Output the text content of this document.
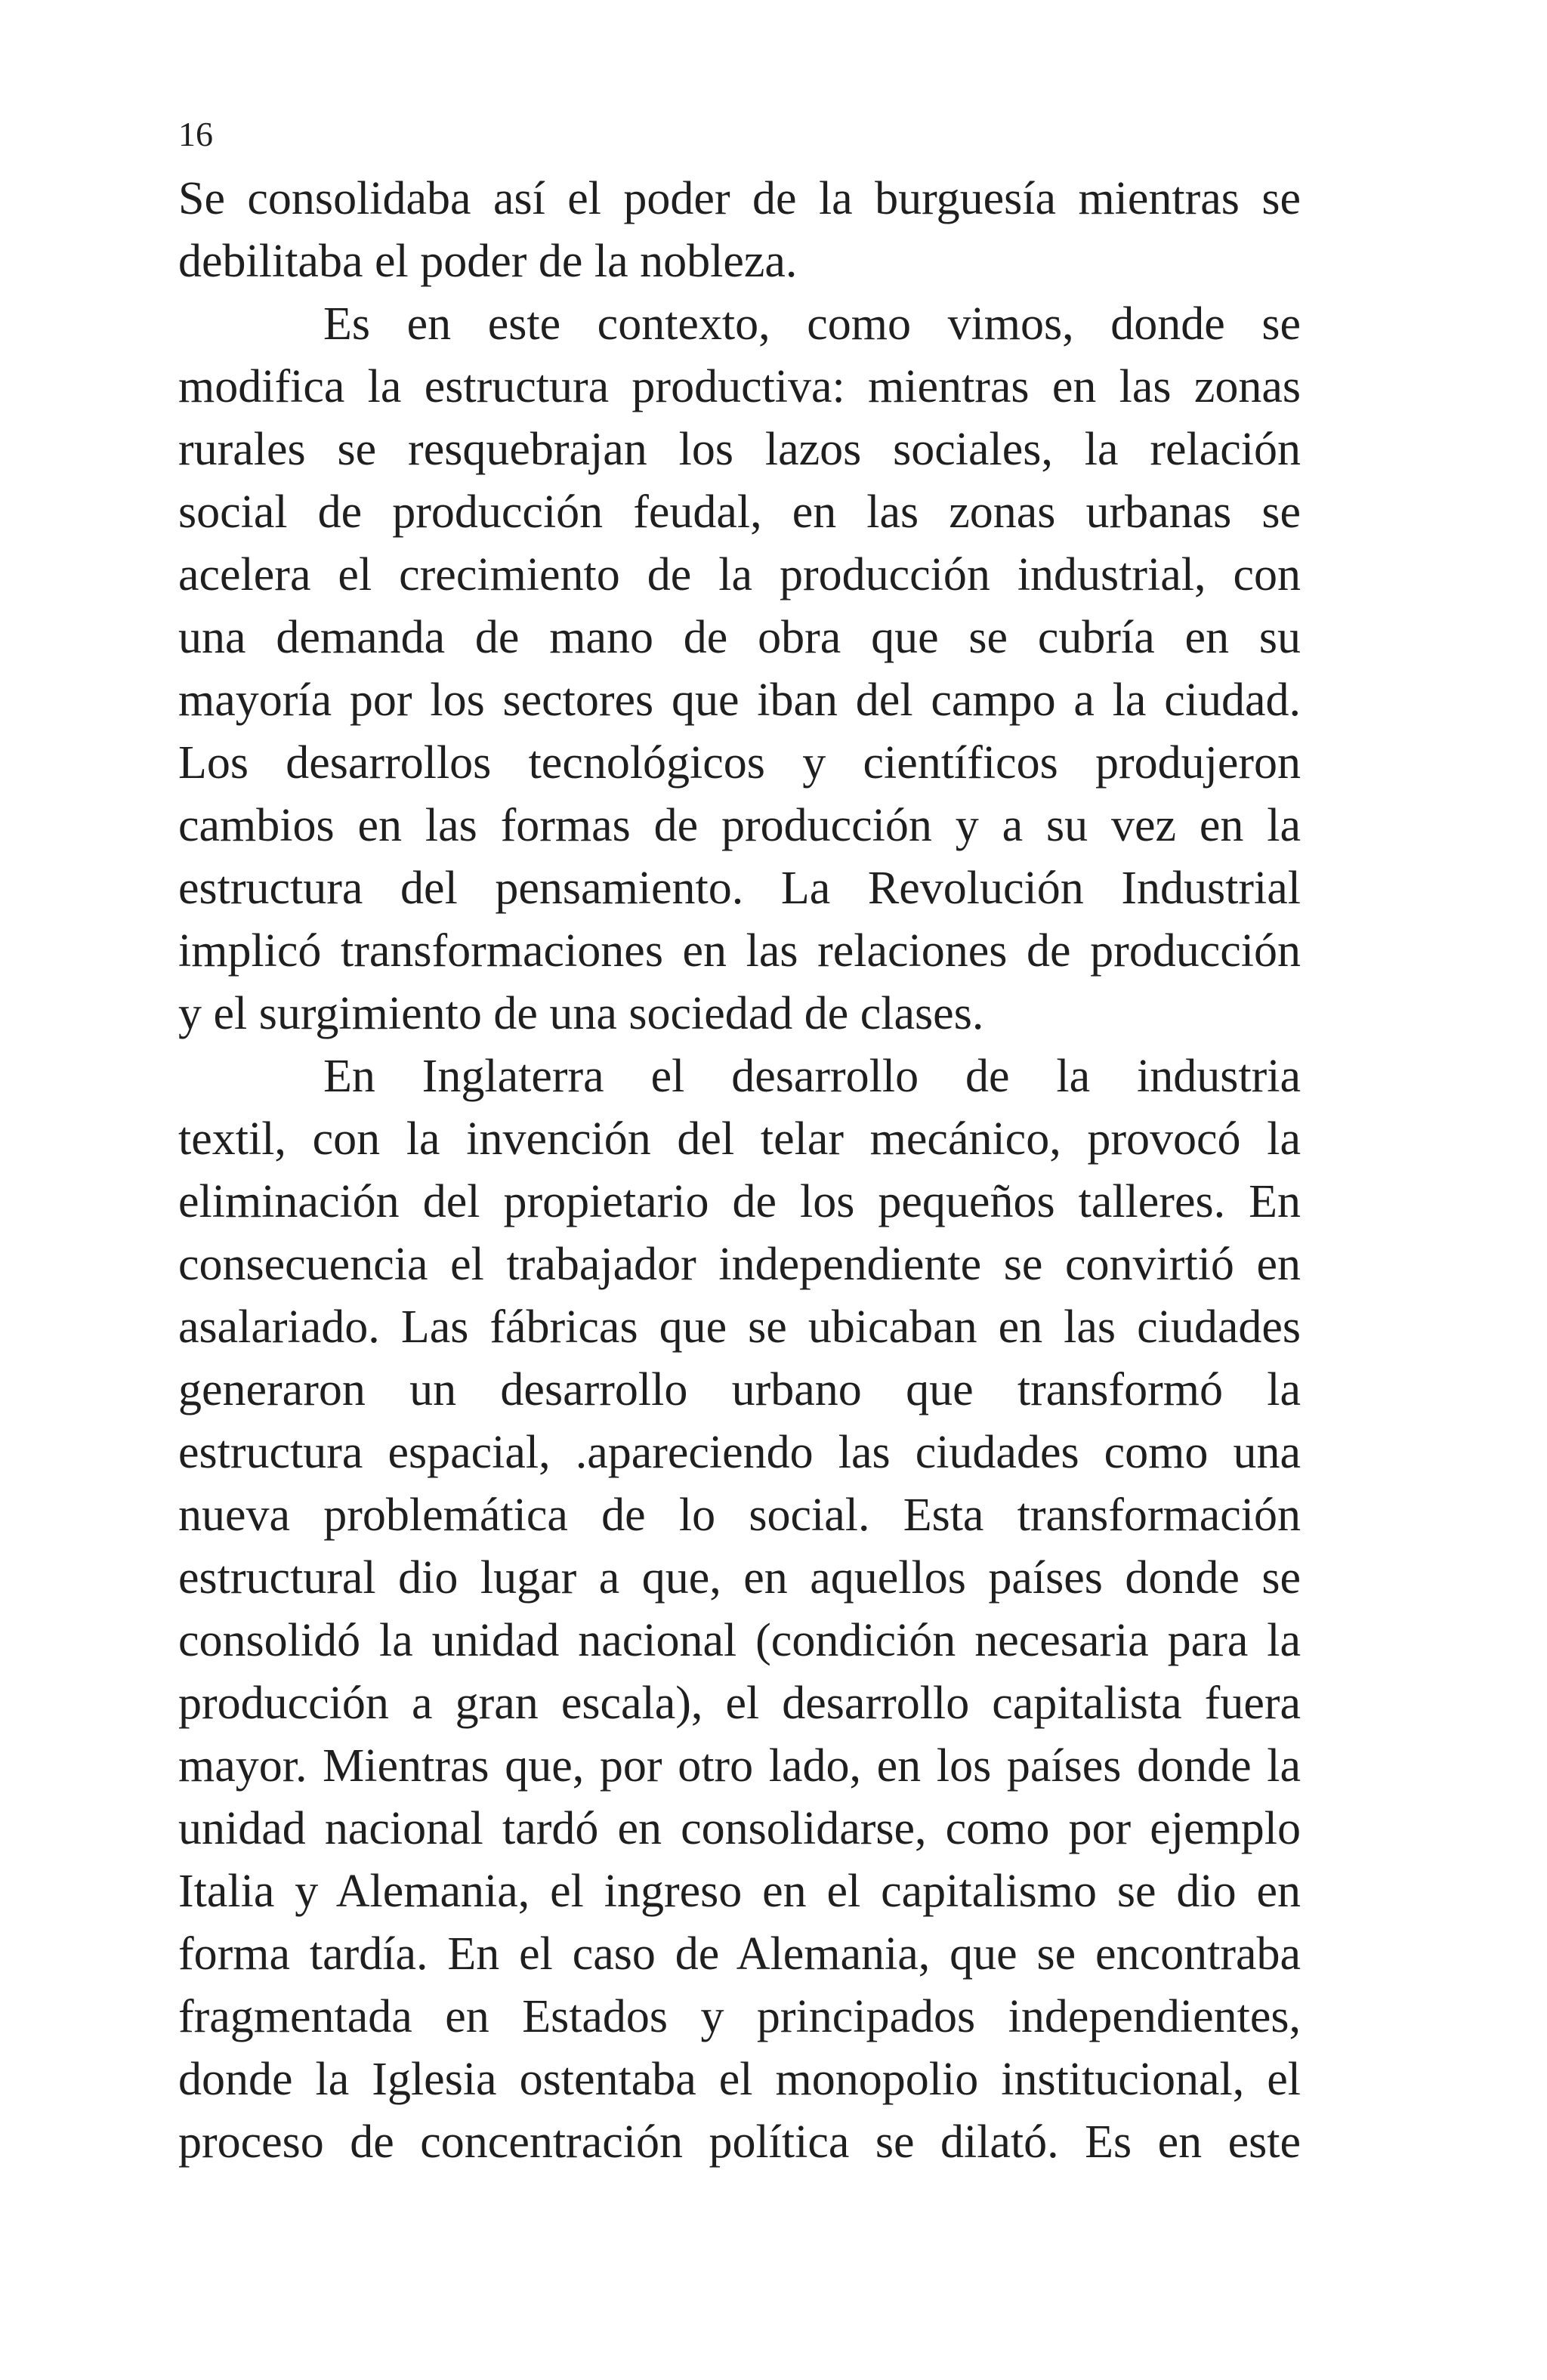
16

Se consolidaba así el poder de la burguesía mientras se
debilitaba el poder de la nobleza.
Es en este contexto, como vimos, donde se
modifica la estructura productiva: mientras en las zonas
rurales se resquebrajan los lazos sociales, la relación
social de producción feudal, en las zonas urbanas se
acelera el crecimiento de la producción industrial, con
una demanda de mano de obra que se cubría en su
mayoría por los sectores que iban del campo a la ciudad.
Los desarrollos tecnológicos y científicos produjeron
cambios en las formas de producción y a su vez en la
estructura del pensamiento. La Revolución Industrial
implicó transformaciones en las relaciones de producción
y el surgimiento de una sociedad de clases.
En Inglaterra el desarrollo de la industria
textil, con la invención del telar mecánico, provocó la
eliminación del propietario de los pequeños talleres. En
consecuencia el trabajador independiente se convirtió en
asalariado. Las fábricas que se ubicaban en las ciudades
generaron un desarrollo urbano que transformó la
estructura espacial, .apareciendo las ciudades como una
nueva problemática de lo social. Esta transformación
estructural dio lugar a que, en aquellos países donde se
consolidó la unidad nacional (condición necesaria para la
producción a gran escala), el desarrollo capitalista fuera
mayor. Mientras que, por otro lado, en los países donde la
unidad nacional tardó en consolidarse, como por ejemplo
Italia y Alemania, el ingreso en el capitalismo se dio en
forma tardía. En el caso de Alemania, que se encontraba
fragmentada en Estados y principados independientes,
donde la Iglesia ostentaba el monopolio institucional, el
proceso de concentración política se dilató. Es en este
